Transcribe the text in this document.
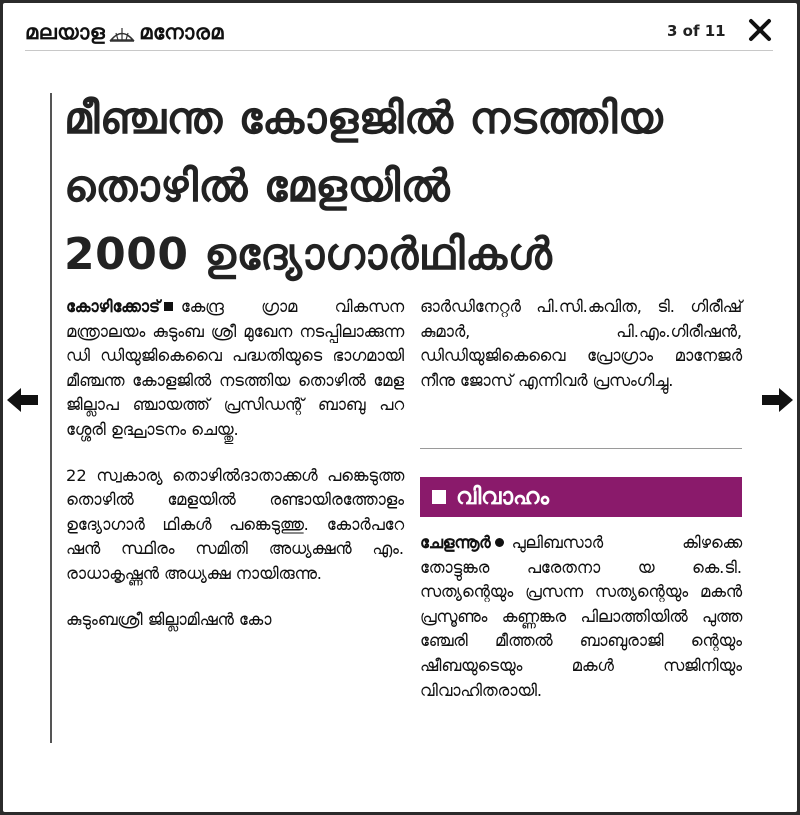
മലയാള മനോരമ	3 of 11
മീഞ്ചന്ത കോളജിൽ നടത്തിയ
തൊഴിൽ മേളയിൽ
2000 ഉദ്യോഗാർഥികൾ

കോഴിക്കോട് കേന്ദ്ര ഗ്രാമ വികസന മന്ത്രാലയം കുടുംബ ശ്രീ മുഖേന നടപ്പിലാക്കുന്ന ഡി ഡിയുജികെവൈ പദ്ധതിയുടെ ഭാഗമായി മീഞ്ചന്ത കോളജിൽ നടത്തിയ തൊഴിൽ മേള ജില്ലാപ ഞ്ചായത്ത് പ്രസിഡന്റ് ബാബു പറ ശ്ശേരി ഉദ്ഘാടനം ചെയ്തു.

22 സ്വകാര്യ തൊഴിൽദാതാക്കൾ പങ്കെടുത്ത തൊഴിൽ മേളയിൽ രണ്ടായിരത്തോളം ഉദ്യോഗാർ ഥികൾ പങ്കെടുത്തു. കോർപറേ ഷൻ സ്ഥിരം സമിതി അധ്യക്ഷൻ എം. രാധാകൃഷ്ണൻ അധ്യക്ഷ നായിരുന്നു.

കുടുംബശ്രീ ജില്ലാമിഷൻ കോ

ഓർഡിനേറ്റർ പി.സി.കവിത, ടി. ഗിരീഷ് കുമാർ, പി.എം.ഗിരീഷൻ, ഡിഡിയുജികെവൈ പ്രോഗ്രാം മാനേജർ നീനു ജോസ് എന്നിവർ പ്രസംഗിച്ചു.

വിവാഹം

ചേളന്നൂർ പുലിബസാർ കിഴക്കെ തോട്ടുങ്കര പരേതനാ യ കെ.ടി. സത്യന്റെയും പ്രസന്ന സത്യന്റെയും മകൻ പ്രസൂണും കണ്ണങ്കര പിലാത്തിയിൽ പുത്ത ഞ്ചേരി മീത്തൽ ബാബുരാജി ന്റെയും ഷീബയുടെയും മകൾ സജിനിയും വിവാഹിതരായി.
